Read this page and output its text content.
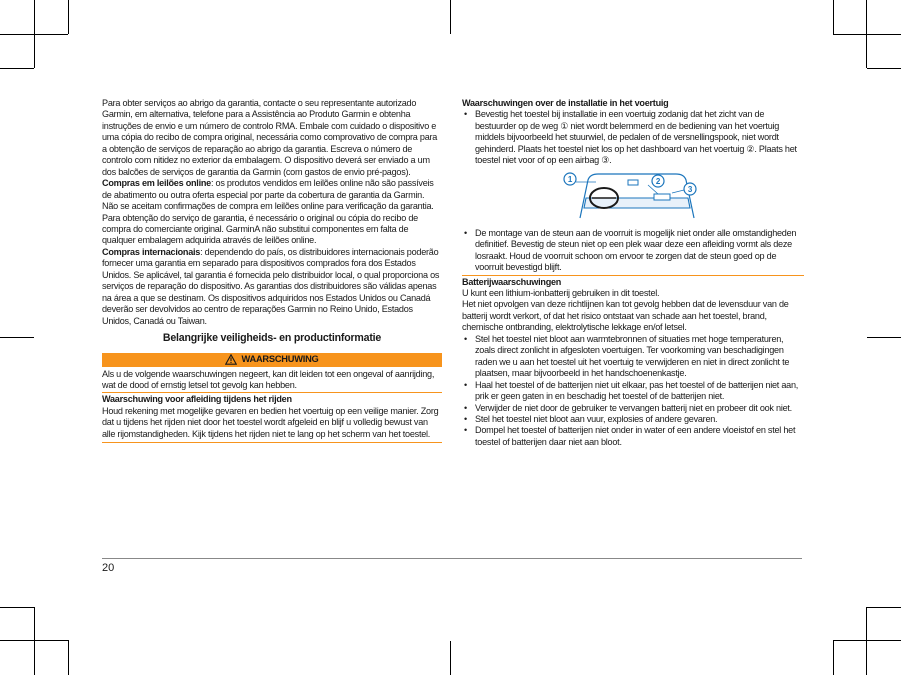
Para obter serviços ao abrigo da garantia, contacte o seu representante autorizado Garmin, em alternativa, telefone para a Assistência ao Produto Garmin e obtenha instruções de envio e um número de controlo RMA. Embale com cuidado o dispositivo e uma cópia do recibo de compra original, necessária como comprovativo de compra para a obtenção de serviços de reparação ao abrigo da garantia. Escreva o número de controlo com nitidez no exterior da embalagem. O dispositivo deverá ser enviado a um dos balcões de serviços de garantia da Garmin (com gastos de envio pré-pagos).

Compras em leilões online: os produtos vendidos em leilões online não são passíveis de abatimento ou outra oferta especial por parte da cobertura de garantia da Garmin. Não se aceitam confirmações de compra em leilões online para verificação da garantia. Para obtenção do serviço de garantia, é necessário o original ou cópia do recibo de compra do comerciante original. GarminA não substitui componentes em falta de qualquer embalagem adquirida através de leilões online.

Compras internacionais: dependendo do país, os distribuidores internacionais poderão fornecer uma garantia em separado para dispositivos comprados fora dos Estados Unidos. Se aplicável, tal garantia é fornecida pelo distribuidor local, o qual proporciona os serviços de reparação do dispositivo. As garantias dos distribuidores são válidas apenas na área a que se destinam. Os dispositivos adquiridos nos Estados Unidos ou Canadá deverão ser devolvidos ao centro de reparações Garmin no Reino Unido, Estados Unidos, Canadá ou Taiwan.

Belangrijke veiligheids- en productinformatie
WAARSCHUWING

Als u de volgende waarschuwingen negeert, kan dit leiden tot een ongeval of aanrijding, wat de dood of ernstig letsel tot gevolg kan hebben.

Waarschuwing voor afleiding tijdens het rijden

Houd rekening met mogelijke gevaren en bedien het voertuig op een veilige manier. Zorg dat u tijdens het rijden niet door het toestel wordt afgeleid en blijf u volledig bewust van alle rijomstandigheden. Kijk tijdens het rijden niet te lang op het scherm van het toestel.

Waarschuwingen over de installatie in het voertuig

• Bevestig het toestel bij installatie in een voertuig zodanig dat het zicht van de bestuurder op de weg ① niet wordt belemmerd en de bediening van het voertuig middels bijvoorbeeld het stuurwiel, de pedalen of de versnellingspook, niet wordt gehinderd. Plaats het toestel niet los op het dashboard van het voertuig ②. Plaats het toestel niet voor of op een airbag ③.
1	2
3
• De montage van de steun aan de voorruit is mogelijk niet onder alle omstandigheden definitief. Bevestig de steun niet op een plek waar deze een afleiding vormt als deze losraakt. Houd de voorruit schoon om ervoor te zorgen dat de steun goed op de voorruit bevestigd blijft.

Batterijwaarschuwingen

U kunt een lithium-ionbatterij gebruiken in dit toestel.

Het niet opvolgen van deze richtlijnen kan tot gevolg hebben dat de levensduur van de batterij wordt verkort, of dat het risico ontstaat van schade aan het toestel, brand, chemische ontbranding, elektrolytische lekkage en/of letsel.

• Stel het toestel niet bloot aan warmtebronnen of situaties met hoge temperaturen, zoals direct zonlicht in afgesloten voertuigen. Ter voorkoming van beschadigingen raden we u aan het toestel uit het voertuig te verwijderen en niet in direct zonlicht te plaatsen, maar bijvoorbeeld in het handschoenenkastje.
• Haal het toestel of de batterijen niet uit elkaar, pas het toestel of de batterijen niet aan, prik er geen gaten in en beschadig het toestel of de batterijen niet.
• Verwijder de niet door de gebruiker te vervangen batterij niet en probeer dit ook niet.
• Stel het toestel niet bloot aan vuur, explosies of andere gevaren.
• Dompel het toestel of batterijen niet onder in water of een andere vloeistof en stel het toestel of batterijen daar niet aan bloot.
20
